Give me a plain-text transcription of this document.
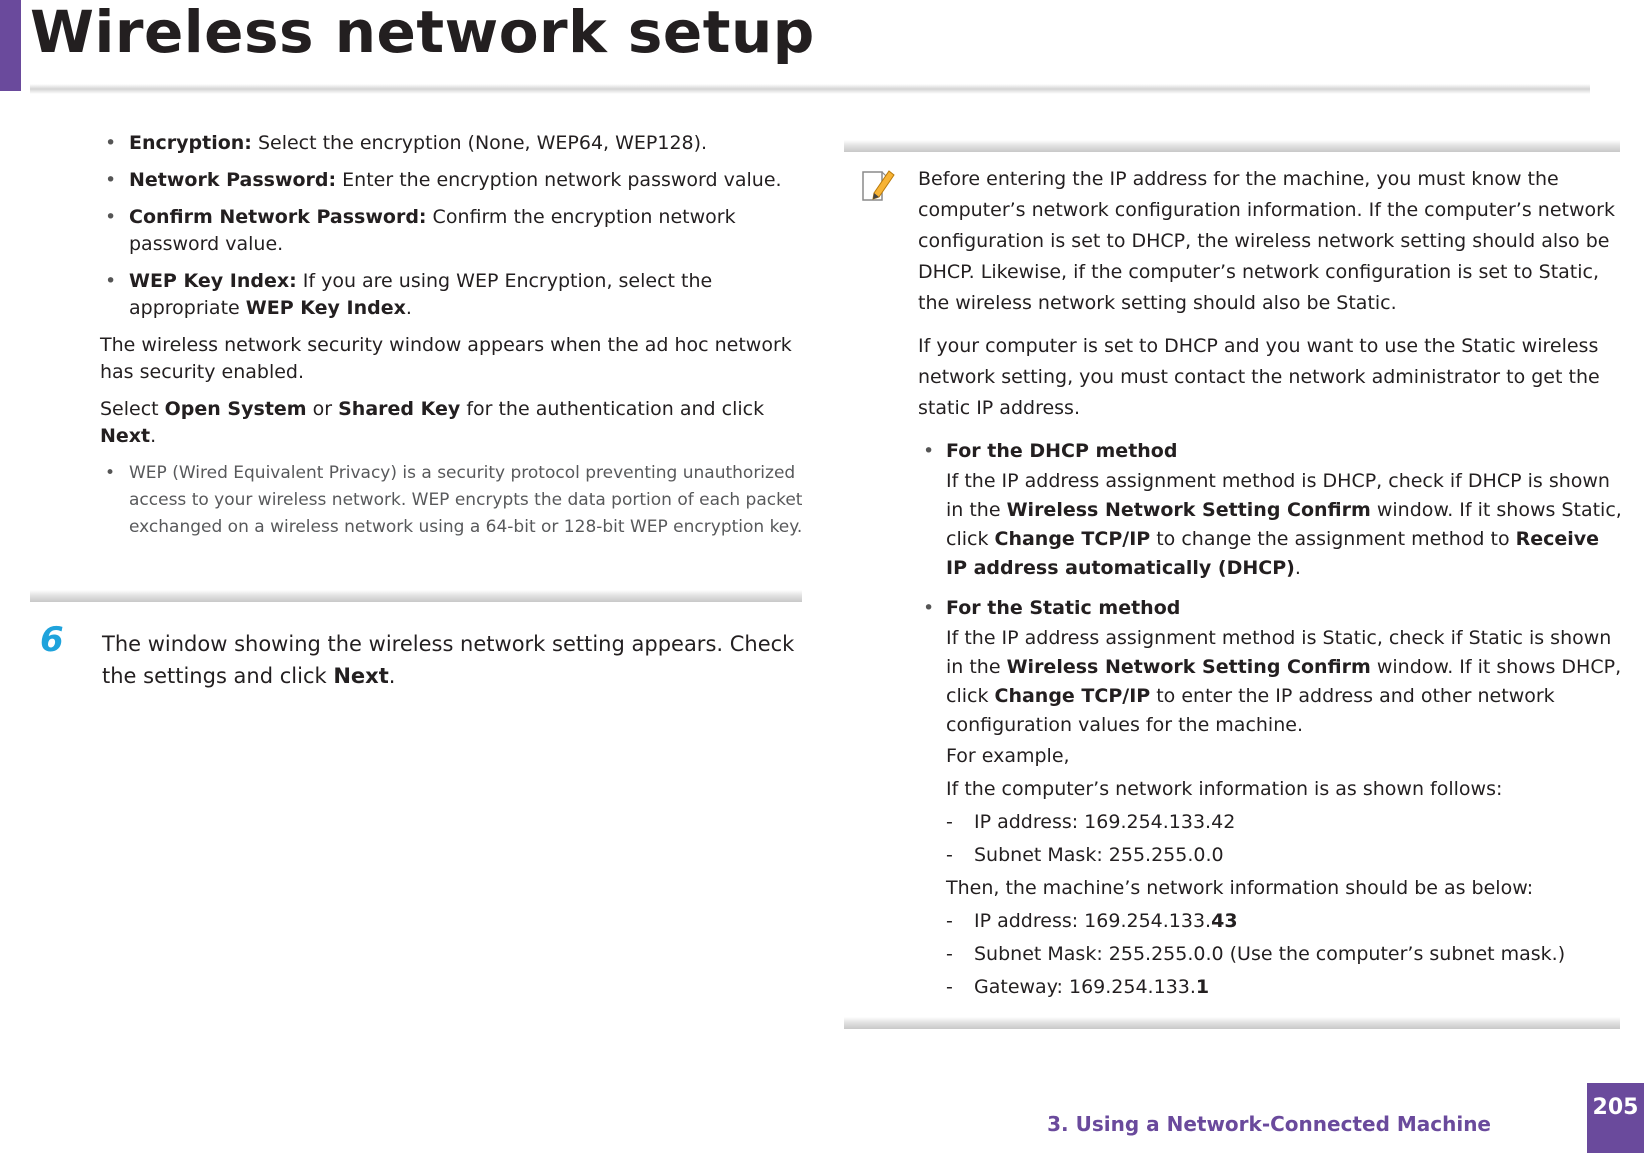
Wireless network setup

• Encryption: Select the encryption (None, WEP64, WEP128).

• Network Password: Enter the encryption network password value.

• Confirm Network Password: Confirm the encryption network password value.

• WEP Key Index: If you are using WEP Encryption, select the appropriate WEP Key Index.

The wireless network security window appears when the ad hoc network has security enabled.

Select Open System or Shared Key for the authentication and click Next.

• WEP (Wired Equivalent Privacy) is a security protocol preventing unauthorized access to your wireless network. WEP encrypts the data portion of each packet exchanged on a wireless network using a 64-bit or 128-bit WEP encryption key.

6 The window showing the wireless network setting appears. Check the settings and click Next.

Before entering the IP address for the machine, you must know the computer’s network configuration information. If the computer’s network configuration is set to DHCP, the wireless network setting should also be DHCP. Likewise, if the computer’s network configuration is set to Static, the wireless network setting should also be Static.

If your computer is set to DHCP and you want to use the Static wireless network setting, you must contact the network administrator to get the static IP address.

• For the DHCP method

If the IP address assignment method is DHCP, check if DHCP is shown in the Wireless Network Setting Confirm window. If it shows Static, click Change TCP/IP to change the assignment method to Receive IP address automatically (DHCP).

• For the Static method

If the IP address assignment method is Static, check if Static is shown in the Wireless Network Setting Confirm window. If it shows DHCP, click Change TCP/IP to enter the IP address and other network configuration values for the machine.

For example,

If the computer’s network information is as shown follows:

- IP address: 169.254.133.42

- Subnet Mask: 255.255.0.0

Then, the machine’s network information should be as below:

- IP address: 169.254.133.43

- Subnet Mask: 255.255.0.0 (Use the computer’s subnet mask.)

- Gateway: 169.254.133.1

3. Using a Network-Connected Machine
205
